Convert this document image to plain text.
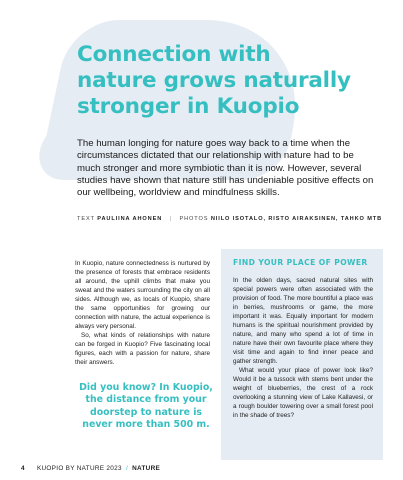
Connection with
nature grows naturally
stronger in Kuopio

The human longing for nature goes way back to a time when the circumstances dictated that our relationship with nature had to be much stronger and more symbiotic than it is now. However, several studies have shown that nature still has undeniable positive effects on our wellbeing, worldview and mindfulness skills.

TEXT PAULIINA AHONEN | PHOTOS NIILO ISOTALO, RISTO AIRAKSINEN, TAHKO MTB

In Kuopio, nature connectedness is nurtured by the presence of forests that embrace residents all around, the uphill climbs that make you sweat and the waters surrounding the city on all sides. Although we, as locals of Kuopio, share the same opportunities for growing our connection with nature, the actual experience is always very personal.

So, what kinds of relationships with nature can be forged in Kuopio? Five fascinating local figures, each with a passion for nature, share their answers.

Did you know? In Kuopio, the distance from your doorstep to nature is never more than 500 m.

FIND YOUR PLACE OF POWER

In the olden days, sacred natural sites with special powers were often associated with the provision of food. The more bountiful a place was in berries, mushrooms or game, the more important it was. Equally important for modern humans is the spiritual nourishment provided by nature, and many who spend a lot of time in nature have their own favourite place where they visit time and again to find inner peace and gather strength.

What would your place of power look like? Would it be a tussock with stems bent under the weight of blueberries, the crest of a rock overlooking a stunning view of Lake Kallavesi, or a rough boulder towering over a small forest pool in the shade of trees?

4 KUOPIO BY NATURE 2023 / NATURE
